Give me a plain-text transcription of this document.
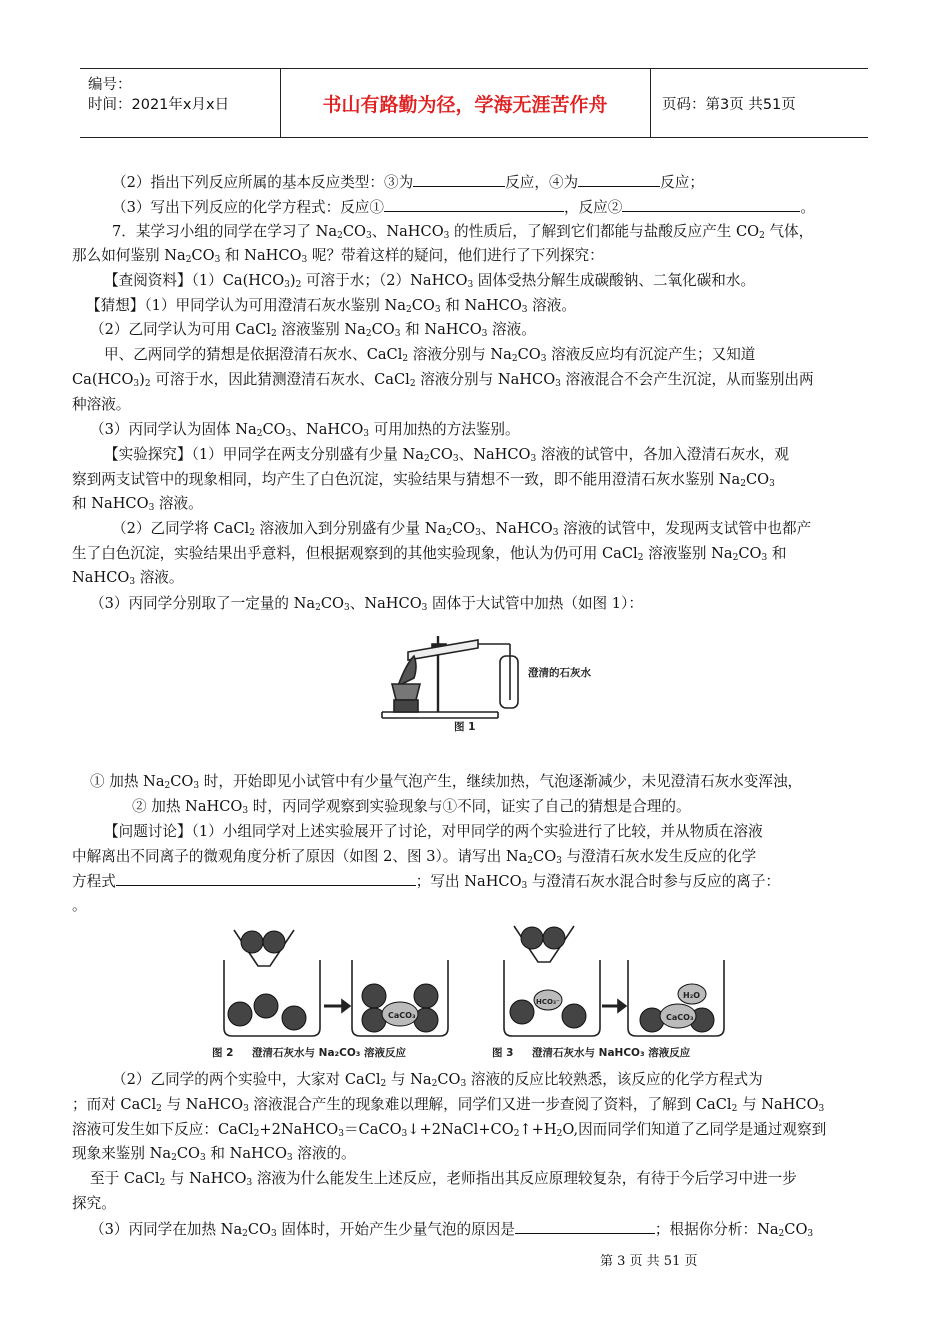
编号：
时间：2021年x月x日	书山有路勤为径，学海无涯苦作舟	页码：第3页 共51页
（2）指出下列反应所属的基本反应类型：③为	反应，④为	反应；
（3）写出下列反应的化学方程式：反应①	，反应②	。
7．某学习小组的同学在学习了 $Na_2CO_3$、NaHCO$_3$ 的性质后，了解到它们都能与盐酸反应产生 $CO_2$ 气体，
那么如何鉴别 $Na_2CO_3$ 和 NaHCO$_3$ 呢？带着这样的疑问，他们进行了下列探究：
【查阅资料】$(1)Ca(HCO_3)_2$ 可溶于水；（2）NaHCO$_3$ 固体受热分解生成碳酸钠、二氧化碳和水。
【猜想】（1）甲同学认为可用澄清石灰水鉴别 $Na_2CO_3$ 和 NaHCO$_3$ 溶液。
（2）乙同学认为可用 CaCl$_2$ 溶液鉴别 $Na_2CO_3$ 和 NaHCO$_3$ 溶液。
甲、乙两同学的猜想是依据澄清石灰水、CaCl$_2$ 溶液分别与 $Na_2CO_3$ 溶液反应均有沉淀产生；又知道
$Ca(HCO_3)_2$ 可溶于水，因此猜测澄清石灰水、CaCl$_2$ 溶液分别与 NaHCO$_3$ 溶液混合不会产生沉淀，从而鉴别出两
种溶液。
（3）丙同学认为固体 $Na_2CO_3$、NaHCO$_3$ 可用加热的方法鉴别。
【实验探究】（1）甲同学在两支分别盛有少量 $Na_2CO_3$、NaHCO$_3$ 溶液的试管中，各加入澄清石灰水，观
察到两支试管中的现象相同，均产生了白色沉淀，实验结果与猜想不一致，即不能用澄清石灰水鉴别 $Na_2CO_3$
和 NaHCO$_3$ 溶液。
（2）乙同学将 CaCl$_2$ 溶液加入到分别盛有少量 $Na_2CO_3$、NaHCO$_3$ 溶液的试管中，发现两支试管中也都产
生了白色沉淀，实验结果出乎意料，但根据观察到的其他实验现象，他认为仍可用 CaCl$_2$ 溶液鉴别 $Na_2CO_3$ 和
NaHCO$_3$ 溶液。
（3）丙同学分别取了一定量的 $Na_2CO_3$、NaHCO$_3$ 固体于大试管中加热（如图 1）：
澄清的石灰水
图 1
① 加热 $Na_2CO_3$ 时，开始即见小试管中有少量气泡产生，继续加热，气泡逐渐减少，未见澄清石灰水变浑浊，
② 加热 NaHCO$_3$ 时，丙同学观察到实验现象与①不同，证实了自己的猜想是合理的。
【问题讨论】（1）小组同学对上述实验展开了讨论，对甲同学的两个实验进行了比较，并从物质在溶液
中解离出不同离子的微观角度分析了原因（如图 2、图 3）。请写出 $Na_2CO_3$ 与澄清石灰水发生反应的化学
方程式	；写出 NaHCO$_3$ 与澄清石灰水混合时参与反应的离子：
。
CaCO₃
图 2 澄清石灰水与 Na₂CO₃ 溶液反应
HCO₃⁻
H₂O
CaCO₃
图 3 澄清石灰水与 NaHCO₃ 溶液反应
（2）乙同学的两个实验中，大家对 CaCl$_2$ 与 $Na_2CO_3$ 溶液的反应比较熟悉，该反应的化学方程式为
；而对 CaCl$_2$ 与 NaHCO$_3$ 溶液混合产生的现象难以理解，同学们又进一步查阅了资料，了解到 CaCl$_2$ 与 NaHCO$_3$
溶液可发生如下反应：$CaCl_2+2NaHCO_3=CaCO_3↓+2NaCl+CO_2↑+H_2O$,因而同学们知道了乙同学是通过观察到
现象来鉴别 $Na_2CO_3$ 和 NaHCO$_3$ 溶液的。
至于 CaCl$_2$ 与 NaHCO$_3$ 溶液为什么能发生上述反应，老师指出其反应原理较复杂，有待于今后学习中进一步
探究。
（3）丙同学在加热 $Na_2CO_3$ 固体时，开始产生少量气泡的原因是	；根据你分析：$Na_2CO_3$
第 3 页 共 51 页
